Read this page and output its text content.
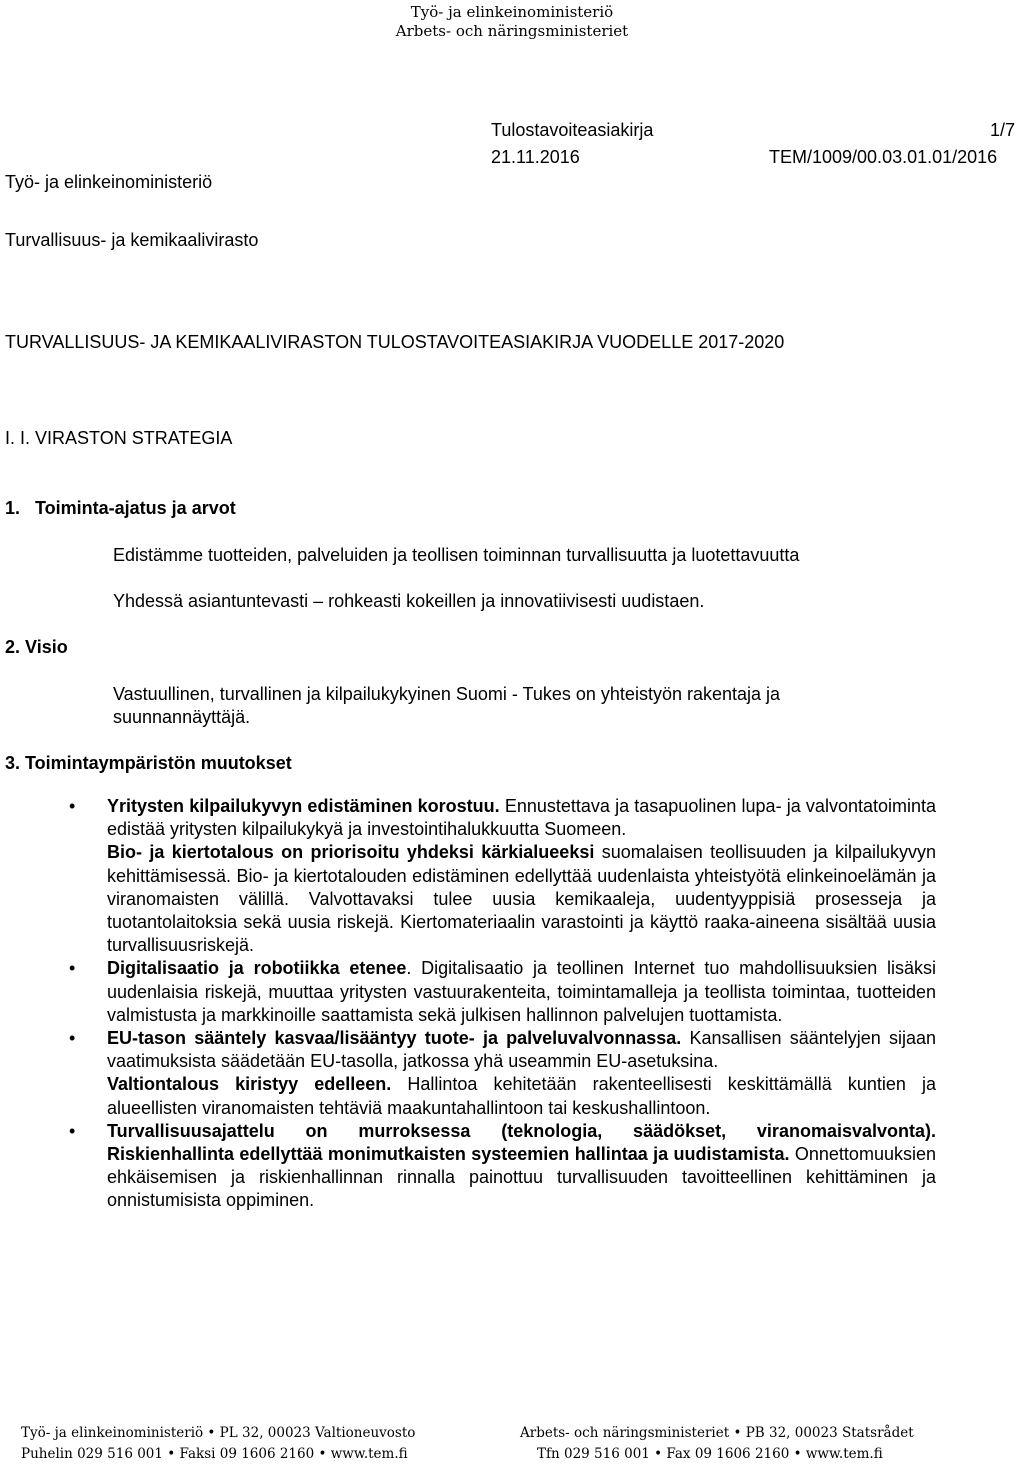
Työ- ja elinkeinoministeriö
Arbets- och näringsministeriet
Tulostavoiteasiakirja	1/7
21.11.2016	TEM/1009/00.03.01.01/2016
Työ- ja elinkeinoministeriö
Turvallisuus- ja kemikaalivirasto
TURVALLISUUS- JA KEMIKAALIVIRASTON TULOSTAVOITEASIAKIRJA VUODELLE 2017-2020
I. I. VIRASTON STRATEGIA
1. Toiminta-ajatus ja arvot
Edistämme tuotteiden, palveluiden ja teollisen toiminnan turvallisuutta ja luotettavuutta
Yhdessä asiantuntevasti – rohkeasti kokeillen ja innovatiivisesti uudistaen.
2. Visio
Vastuullinen, turvallinen ja kilpailukykyinen Suomi - Tukes on yhteistyön rakentaja ja
suunnannäyttäjä.
3. Toimintaympäristön muutokset
• Yritysten kilpailukyvyn edistäminen korostuu. Ennustettava ja tasapuolinen lupa- ja valvontatoiminta edistää yritysten kilpailukykyä ja investointihalukkuutta Suomeen.

Bio- ja kiertotalous on priorisoitu yhdeksi kärkialueeksi suomalaisen teollisuuden ja kilpailukyvyn kehittämisessä. Bio- ja kiertotalouden edistäminen edellyttää uudenlaista yhteistyötä elinkeinoelämän ja viranomaisten välillä. Valvottavaksi tulee uusia kemikaaleja, uudentyyppisiä prosesseja ja tuotantolaitoksia sekä uusia riskejä. Kiertomateriaalin varastointi ja käyttö raaka-aineena sisältää uusia turvallisuusriskejä.

• Digitalisaatio ja robotiikka etenee. Digitalisaatio ja teollinen Internet tuo mahdollisuuksien lisäksi uudenlaisia riskejä, muuttaa yritysten vastuurakenteita, toimintamalleja ja teollista toimintaa, tuotteiden valmistusta ja markkinoille saattamista sekä julkisen hallinnon palvelujen tuottamista.

• EU-tason sääntely kasvaa/lisääntyy tuote- ja palveluvalvonnassa. Kansallisen sääntelyjen sijaan vaatimuksista säädetään EU-tasolla, jatkossa yhä useammin EU-asetuksina.

Valtiontalous kiristyy edelleen. Hallintoa kehitetään rakenteellisesti keskittämällä kuntien ja alueellisten viranomaisten tehtäviä maakuntahallintoon tai keskushallintoon.

• Turvallisuusajattelu on murroksessa (teknologia, säädökset, viranomaisvalvonta). Riskienhallinta edellyttää monimutkaisten systeemien hallintaa ja uudistamista. Onnettomuuksien ehkäisemisen ja riskienhallinnan rinnalla painottuu turvallisuuden tavoitteellinen kehittäminen ja onnistumisista oppiminen.

Työ- ja elinkeinoministeriö • PL 32, 00023 Valtioneuvosto
Puhelin 029 516 001 • Faksi 09 1606 2160 • www.tem.fi
Arbets- och näringsministeriet • PB 32, 00023 Statsrådet
Tfn 029 516 001 • Fax 09 1606 2160 • www.tem.fi
